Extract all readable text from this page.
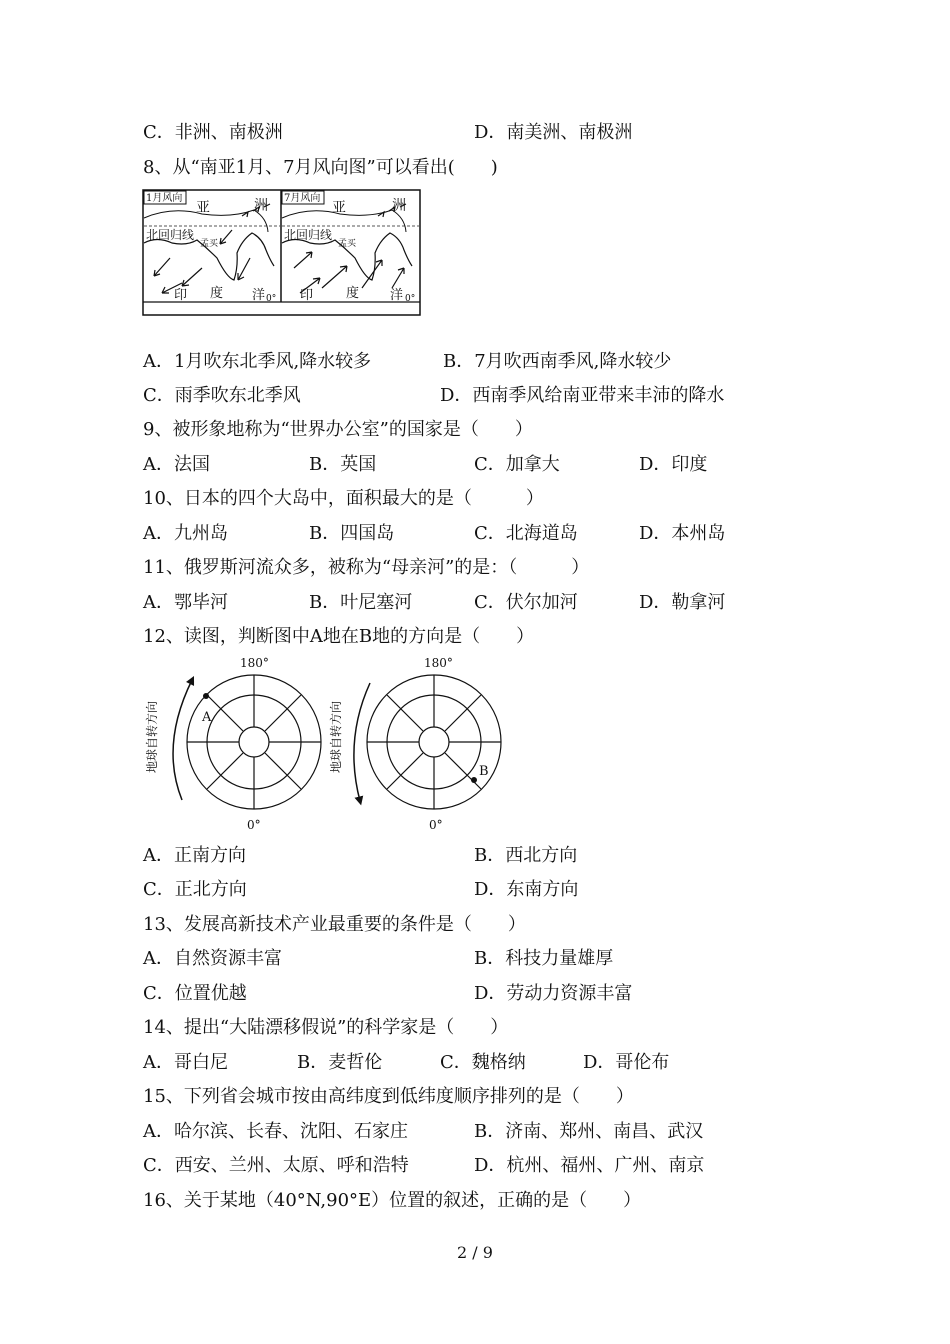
C．非洲、南极洲	D．南美洲、南极洲
8、从“南亚1月、7月风向图”可以看出(　　)
1月风向
亚	洲
北回归线
孟买
印 度 洋 0°
7月风向
亚	洲
北回归线
孟买
印	度 洋 0°
A．1月吹东北季风,降水较多	B．7月吹西南季风,降水较少
C．雨季吹东北季风	D．西南季风给南亚带来丰沛的降水
9、被形象地称为“世界办公室”的国家是（　　）
A．法国	B．英国	C．加拿大	D．印度
10、日本的四个大岛中，面积最大的是（　　　）
A．九州岛	B．四国岛	C．北海道岛	D．本州岛
11、俄罗斯河流众多，被称为“母亲河”的是：（　　　）
A．鄂毕河	B．叶尼塞河	C．伏尔加河	D．勒拿河
12、读图，判断图中A地在B地的方向是（　　）
180°
0°
地球自转方向	A
180°
0°
地球自转方向	B
A．正南方向	B．西北方向
C．正北方向	D．东南方向
13、发展高新技术产业最重要的条件是（　　）
A．自然资源丰富	B．科技力量雄厚
C．位置优越	D．劳动力资源丰富
14、提出“大陆漂移假说”的科学家是（　　）
A．哥白尼	B．麦哲伦	C．魏格纳	D．哥伦布
15、下列省会城市按由高纬度到低纬度顺序排列的是（　　）
A．哈尔滨、长春、沈阳、石家庄	B．济南、郑州、南昌、武汉
C．西安、兰州、太原、呼和浩特	D．杭州、福州、广州、南京
16、关于某地（40°N,90°E）位置的叙述，正确的是（　　）
2 / 9
